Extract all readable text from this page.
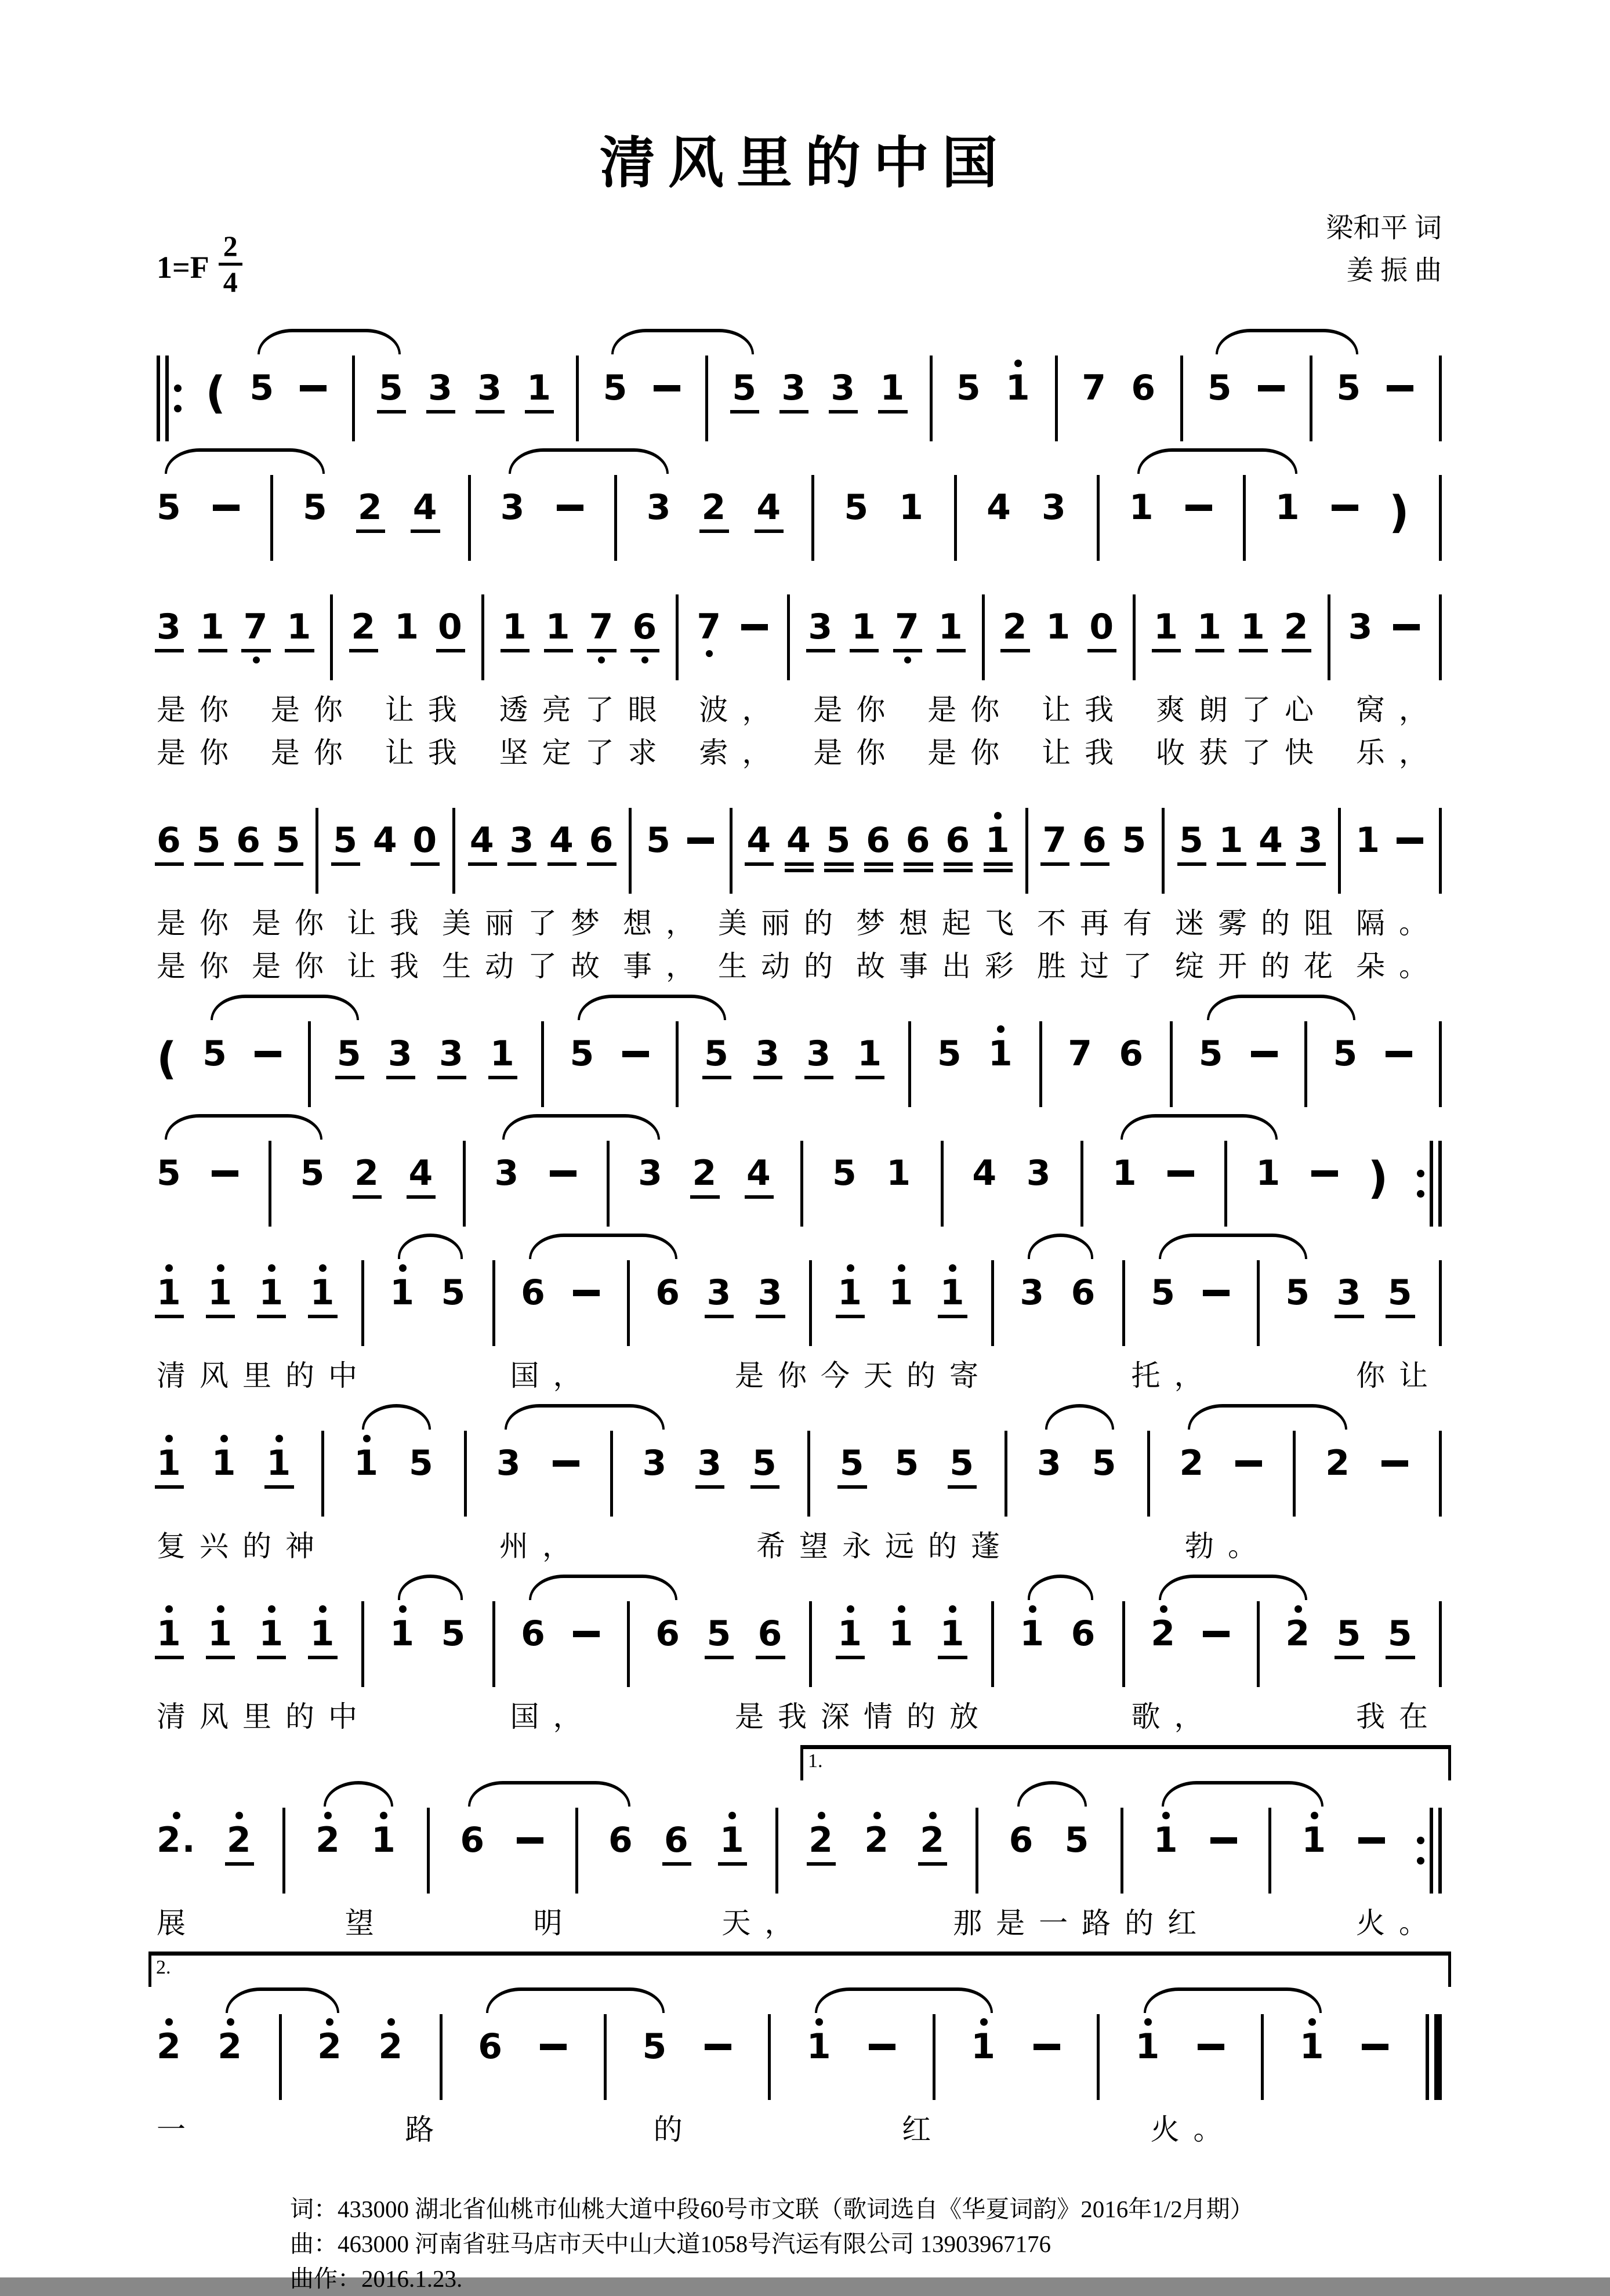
清风里的中国
$1=F \frac{2}{4}$
梁和平 词
姜 振 曲
( 5	5 3 3 1 5	5 3 3 1 5 1 7 6 5	5
5	5 2 4 3	3 2 4 5 1 4 3 1	1 )
3 1 7 1 2 1 0 1 1 7 6 7 3 1 7 1 2 1 0 1 1 1 2 3
是你 是你 让我 透亮了眼 波， 是你 是你 让我 爽朗了心 窝，
是你 是你 让我 坚定了求 索， 是你 是你 让我 收获了快 乐，
6 5 6 5 5 4 0 4 3 4 6 5 4 4 5 6 6 6 1 7 6 5 5 1 4 3 1
是你 是你 让我 美丽了梦 想， 美丽的 梦想起飞 不再有 迷雾的阻 隔。
是你 是你 让我 生动了故 事， 生动的 故事出彩 胜过了 绽开的花 朵。
( 5	5 3 3 1 5	5 3 3 1 5 1 7 6 5	5
5	5 2 4 3	3 2 4 5 1 4 3 1	1 )
1 1 1 1 1 5 6	6 3 3 1 1 1 3 6 5	5 3 5
清风里的中	国，	是你今天的寄	托，	你让
1 1 1 1 5 3	3 3 5 5 5 5 3 5 2	2
复兴的神	州，	希望永远的蓬	勃。
1 1 1 1 1 5 6	6 5 6 1 1 1 1 6 2	2 5 5
清风里的中	国，	是我深情的放	歌，	我在
2. 2 2 1 6	6 6 1 2 2 2 6 5 1	1
展	望	明	天，	那是一路的红	火。
1.
2 2 2 2 6	5	1	1	1	1
一	路	的	红	火。
2.
词：433000 湖北省仙桃市仙桃大道中段60号市文联（歌词选自《华夏词韵》2016年1/2月期）
曲：463000 河南省驻马店市天中山大道1058号汽运有限公司 13903967176
曲作：2016.1.23.
